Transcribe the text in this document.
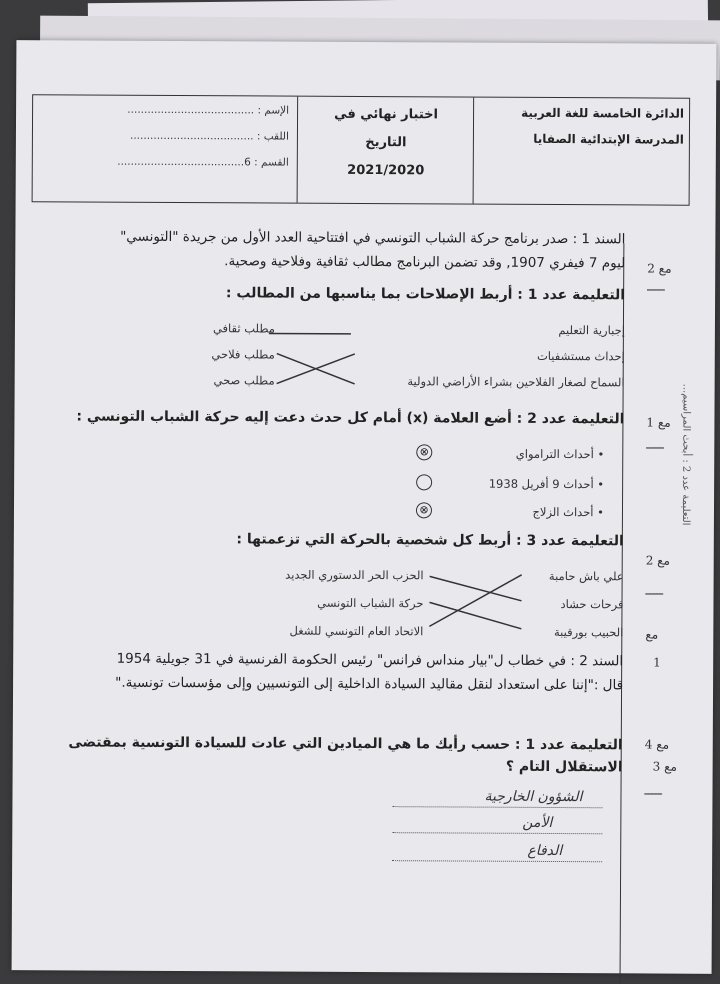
الدائرة الخامسة للغة العربية
المدرسة الإبتدائية الصفايا
اختبار نهائي في
التاريخ
2021/2020
الإسم : ......................................
اللقب : .....................................
القسم : 6......................................
السند 1 : صدر برنامج حركة الشباب التونسي في افتتاحية العدد الأول من جريدة "التونسي"
ليوم 7 فيفري 1907, وقد تضمن البرنامج مطالب ثقافية وفلاحية وصحية.
التعليمة عدد 1 : أربط الإصلاحات بما يناسبها من المطالب :
إجبارية التعليم
إحداث مستشفيات
السماح لصغار الفلاحين بشراء الأراضي الدولية
مطلب ثقافي
مطلب فلاحي
مطلب صحي
التعليمة عدد 2 : أضع العلامة (x) أمام كل حدث دعت إليه حركة الشباب التونسي :
• أحداث الترامواي
• أحداث 9 أفريل 1938
• أحداث الزلاج
⊗
⊗
التعليمة عدد 3 : أربط كل شخصية بالحركة التي تزعمتها :
علي باش حامبة
فرحات حشاد
الحبيب بورقيبة
الحزب الحر الدستوري الجديد
حركة الشباب التونسي
الاتحاد العام التونسي للشغل
السند 2 : في خطاب ل"بيار منداس فرانس" رئيس الحكومة الفرنسية في 31 جويلية 1954
قال :"إننا على استعداد لنقل مقاليد السيادة الداخلية إلى التونسيين وإلى مؤسسات تونسية."
التعليمة عدد 1 : حسب رأيك ما هي الميادين التي عادت للسيادة التونسية بمقتضى
الاستقلال التام ؟
الشؤون الخارجية
الأمن
الدفاع
مع 2
ـــــ
مع 1
ـــــ
مع 2
ـــــ
مع
1
مع 4
3 مع
ـــــ
التعليمة عدد 2 : أبحث المراسيم...
